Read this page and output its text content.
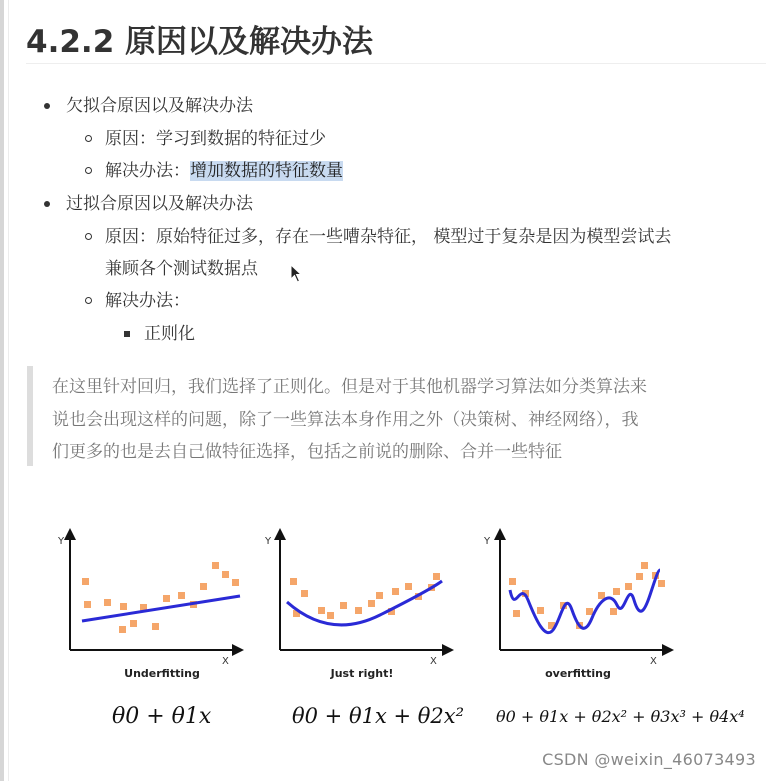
4.2.2 原因以及解决办法
欠拟合原因以及解决办法
原因：学习到数据的特征过少
解决办法：增加数据的特征数量
过拟合原因以及解决办法
原因：原始特征过多，存在一些嘈杂特征， 模型过于复杂是因为模型尝试去
兼顾各个测试数据点
解决办法：
正则化
在这里针对回归，我们选择了正则化。但是对于其他机器学习算法如分类算法来
说也会出现这样的问题，除了一些算法本身作用之外（决策树、神经网络），我
们更多的也是去自己做特征选择，包括之前说的删除、合并一些特征
Y
X
Underfitting
Y
X
Just right!
Y
X
overfitting
θ0 + θ1x	θ0 + θ1x + θ2x² θ0 + θ1x + θ2x² + θ3x³ + θ4x⁴
CSDN @weixin_46073493
